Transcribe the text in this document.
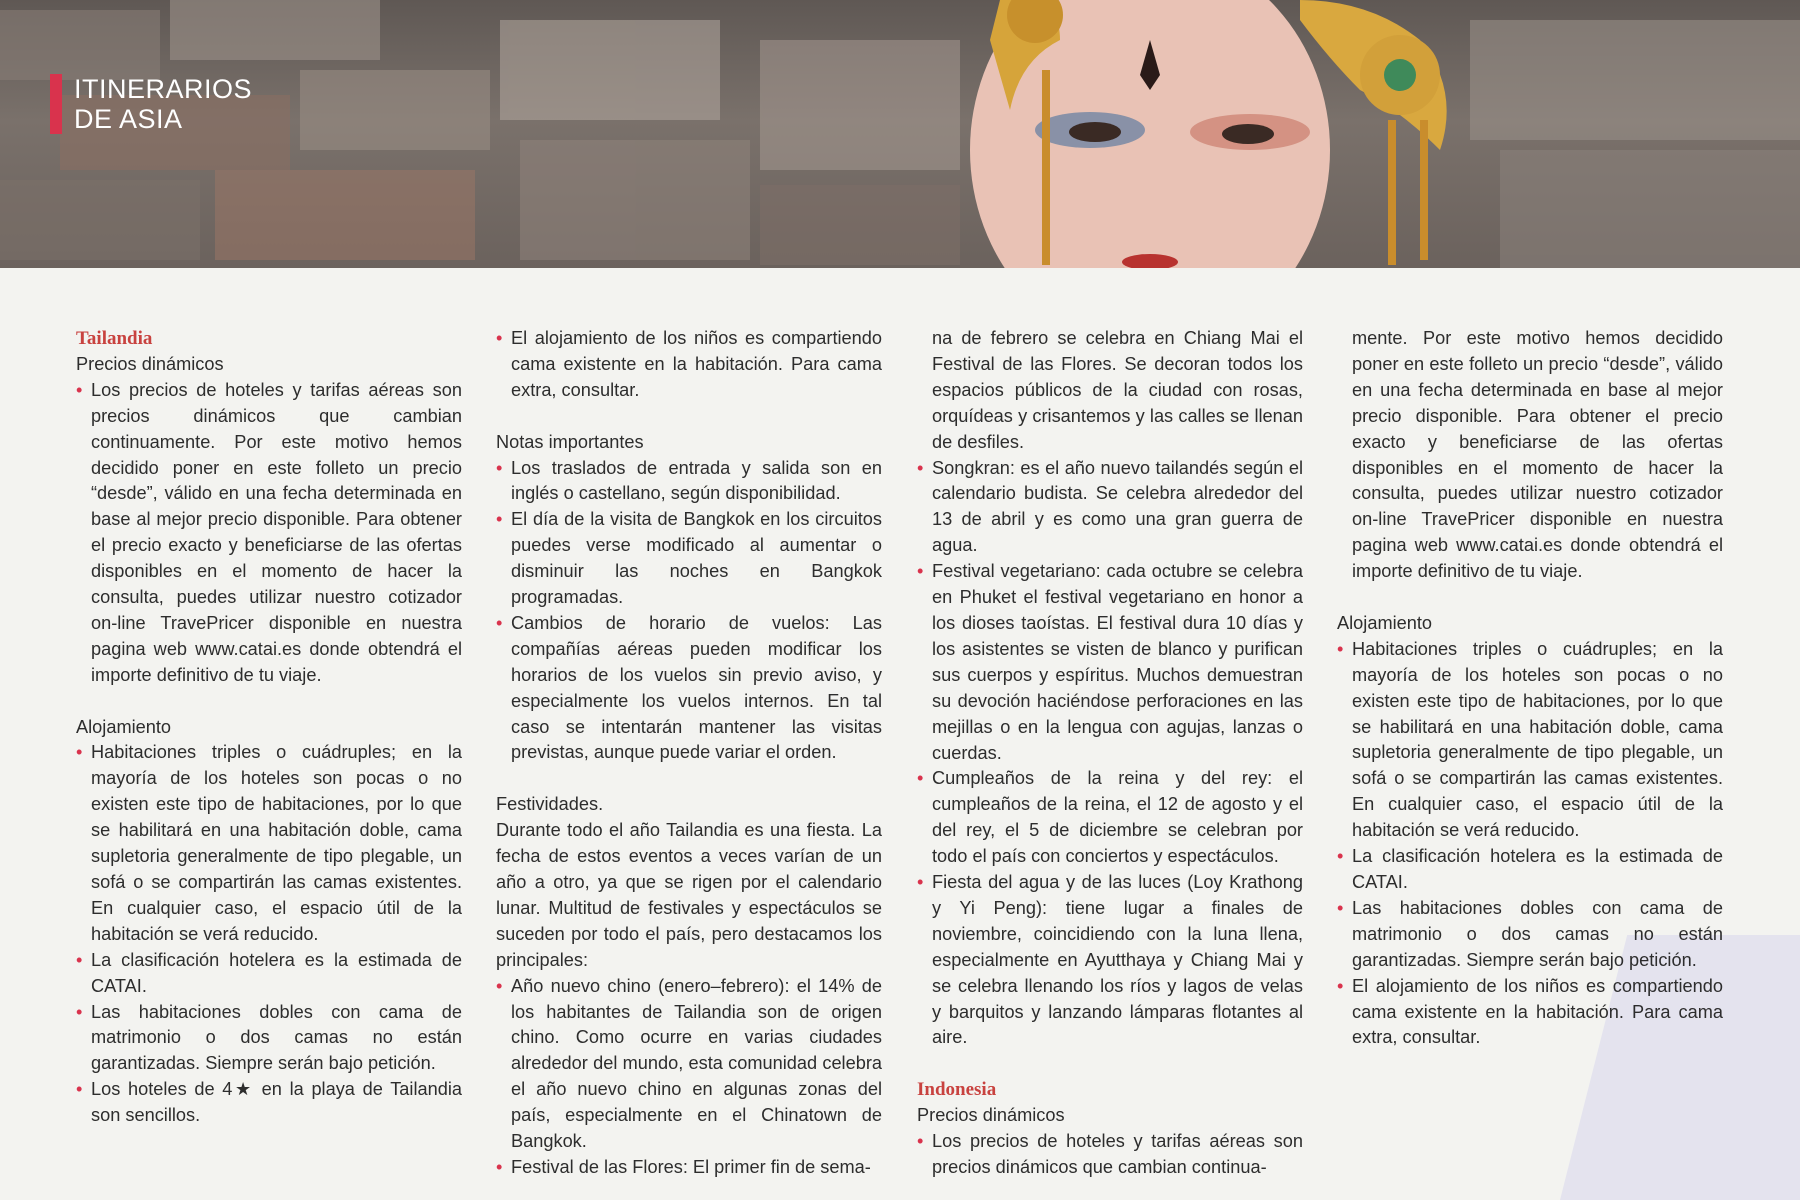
ITINERARIOS
DE ASIA
Tailandia
Precios dinámicos
• Los precios de hoteles y tarifas aéreas son precios dinámicos que cambian continuamente. Por este motivo hemos decidido poner en este folleto un precio “desde”, válido en una fecha determinada en base al mejor precio disponible. Para obtener el precio exacto y beneficiarse de las ofertas disponibles en el momento de hacer la consulta, puedes utilizar nuestro cotizador on-line TravePricer disponible en nuestra pagina web www.catai.es donde obtendrá el importe definitivo de tu viaje.
Alojamiento
• Habitaciones triples o cuádruples; en la mayoría de los hoteles son pocas o no existen este tipo de habitaciones, por lo que se habilitará en una habitación doble, cama supletoria generalmente de tipo plegable, un sofá o se compartirán las camas existentes. En cualquier caso, el espacio útil de la habitación se verá reducido.
• La clasificación hotelera es la estimada de CATAI.
• Las habitaciones dobles con cama de matrimonio o dos camas no están garantizadas. Siempre serán bajo petición.
• Los hoteles de 4★ en la playa de Tailandia son sencillos.
• El alojamiento de los niños es compartiendo cama existente en la habitación. Para cama extra, consultar.
Notas importantes
• Los traslados de entrada y salida son en inglés o castellano, según disponibilidad.
• El día de la visita de Bangkok en los circuitos puedes verse modificado al aumentar o disminuir las noches en Bangkok programadas.
• Cambios de horario de vuelos: Las compañías aéreas pueden modificar los horarios de los vuelos sin previo aviso, y especialmente los vuelos internos. En tal caso se intentarán mantener las visitas previstas, aunque puede variar el orden.
Festividades.

Durante todo el año Tailandia es una fiesta. La fecha de estos eventos a veces varían de un año a otro, ya que se rigen por el calendario lunar. Multitud de festivales y espectáculos se suceden por todo el país, pero destacamos los principales:

• Año nuevo chino (enero–febrero): el 14% de los habitantes de Tailandia son de origen chino. Como ocurre en varias ciudades alrededor del mundo, esta comunidad celebra el año nuevo chino en algunas zonas del país, especialmente en el Chinatown de Bangkok.
• Festival de las Flores: El primer fin de sema-
na de febrero se celebra en Chiang Mai el Festival de las Flores. Se decoran todos los espacios públicos de la ciudad con rosas, orquídeas y crisantemos y las calles se llenan de desfiles.
• Songkran: es el año nuevo tailandés según el calendario budista. Se celebra alrededor del 13 de abril y es como una gran guerra de agua.
• Festival vegetariano: cada octubre se celebra en Phuket el festival vegetariano en honor a los dioses taoístas. El festival dura 10 días y los asistentes se visten de blanco y purifican sus cuerpos y espíritus. Muchos demuestran su devoción haciéndose perforaciones en las mejillas o en la lengua con agujas, lanzas o cuerdas.
• Cumpleaños de la reina y del rey: el cumpleaños de la reina, el 12 de agosto y el del rey, el 5 de diciembre se celebran por todo el país con conciertos y espectáculos.
• Fiesta del agua y de las luces (Loy Krathong y Yi Peng): tiene lugar a finales de noviembre, coincidiendo con la luna llena, especialmente en Ayutthaya y Chiang Mai y se celebra llenando los ríos y lagos de velas y barquitos y lanzando lámparas flotantes al aire.
Indonesia
Precios dinámicos
• Los precios de hoteles y tarifas aéreas son precios dinámicos que cambian continua-
mente. Por este motivo hemos decidido poner en este folleto un precio “desde”, válido en una fecha determinada en base al mejor precio disponible. Para obtener el precio exacto y beneficiarse de las ofertas disponibles en el momento de hacer la consulta, puedes utilizar nuestro cotizador on-line TravePricer disponible en nuestra pagina web www.catai.es donde obtendrá el importe definitivo de tu viaje.
Alojamiento
• Habitaciones triples o cuádruples; en la mayoría de los hoteles son pocas o no existen este tipo de habitaciones, por lo que se habilitará en una habitación doble, cama supletoria generalmente de tipo plegable, un sofá o se compartirán las camas existentes. En cualquier caso, el espacio útil de la habitación se verá reducido.
• La clasificación hotelera es la estimada de CATAI.
• Las habitaciones dobles con cama de matrimonio o dos camas no están garantizadas. Siempre serán bajo petición.
• El alojamiento de los niños es compartiendo cama existente en la habitación. Para cama extra, consultar.
